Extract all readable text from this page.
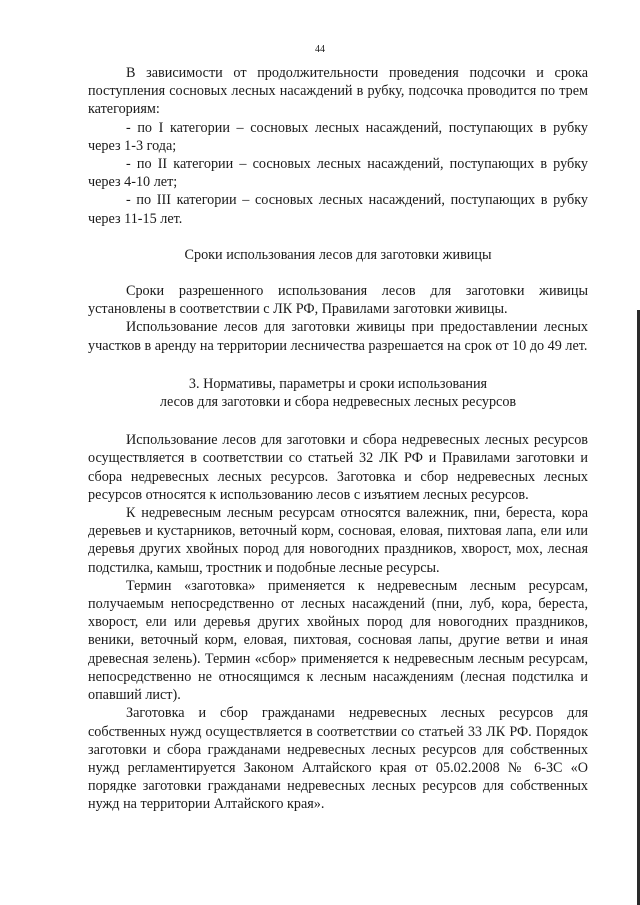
44

В зависимости от продолжительности проведения подсочки и срока поступления сосновых лесных насаждений в рубку, подсочка проводится по трем категориям:

- по I категории – сосновых лесных насаждений, поступающих в рубку через 1-3 года;

- по II категории – сосновых лесных насаждений, поступающих в рубку через 4-10 лет;

- по III категории – сосновых лесных насаждений, поступающих в рубку через 11-15 лет.

Сроки использования лесов для заготовки живицы

Сроки разрешенного использования лесов для заготовки живицы установлены в соответствии с ЛК РФ, Правилами заготовки живицы.

Использование лесов для заготовки живицы при предоставлении лесных участков в аренду на территории лесничества разрешается на срок от 10 до 49 лет.

3. Нормативы, параметры и сроки использования

лесов для заготовки и сбора недревесных лесных ресурсов

Использование лесов для заготовки и сбора недревесных лесных ресурсов осуществляется в соответствии со статьей 32 ЛК РФ и Правилами заготовки и сбора недревесных лесных ресурсов. Заготовка и сбор недревесных лесных ресурсов относятся к использованию лесов с изъятием лесных ресурсов.

К недревесным лесным ресурсам относятся валежник, пни, береста, кора деревьев и кустарников, веточный корм, сосновая, еловая, пихтовая лапа, ели или деревья других хвойных пород для новогодних праздников, хворост, мох, лесная подстилка, камыш, тростник и подобные лесные ресурсы.

Термин «заготовка» применяется к недревесным лесным ресурсам, получаемым непосредственно от лесных насаждений (пни, луб, кора, береста, хворост, ели или деревья других хвойных пород для новогодних праздников, веники, веточный корм, еловая, пихтовая, сосновая лапы, другие ветви и иная древесная зелень). Термин «сбор» применяется к недревесным лесным ресурсам, непосредственно не относящимся к лесным насаждениям (лесная подстилка и опавший лист).

Заготовка и сбор гражданами недревесных лесных ресурсов для собственных нужд осуществляется в соответствии со статьей 33 ЛК РФ. Порядок заготовки и сбора гражданами недревесных лесных ресурсов для собственных нужд регламентируется Законом Алтайского края от 05.02.2008 № 6-ЗС «О порядке заготовки гражданами недревесных лесных ресурсов для собственных нужд на территории Алтайского края».
